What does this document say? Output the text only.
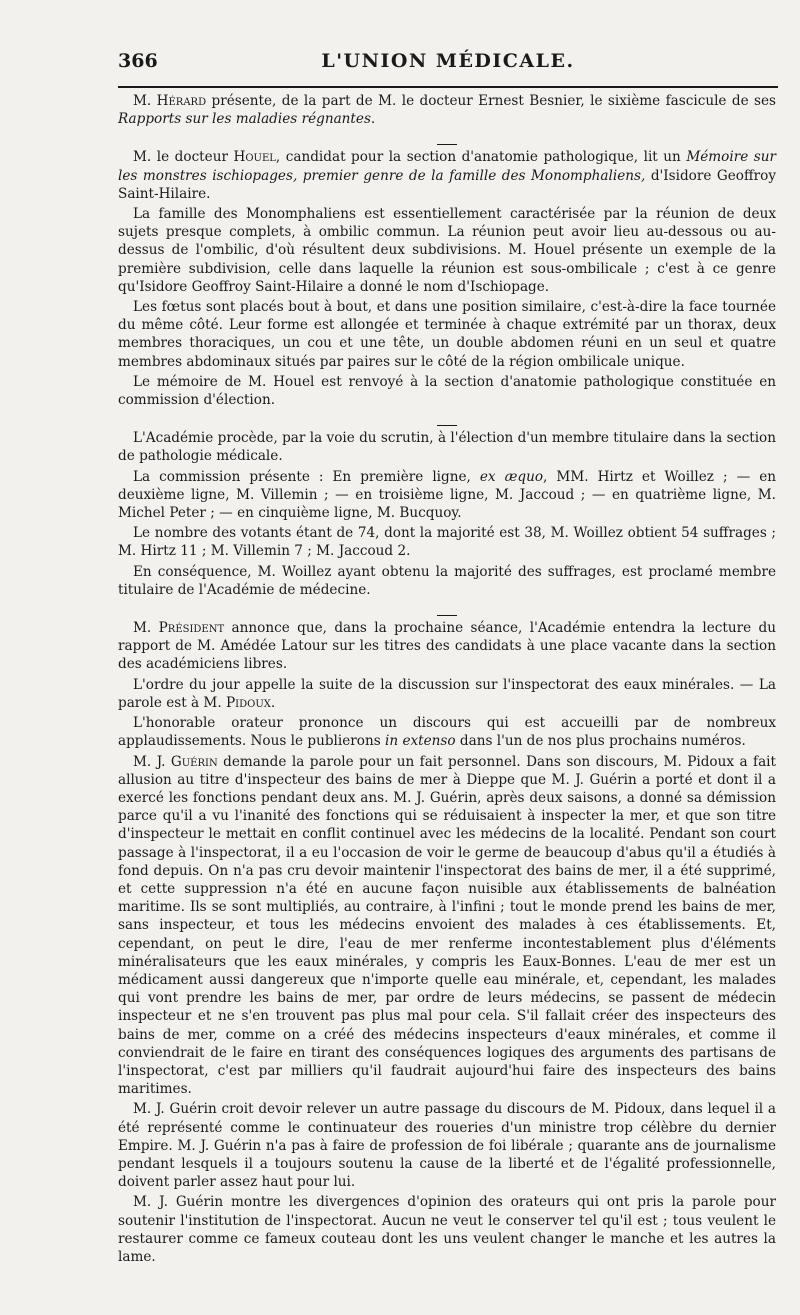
366	L'UNION MÉDICALE.

M. Hérard présente, de la part de M. le docteur Ernest Besnier, le sixième fascicule de ses Rapports sur les maladies régnantes.

M. le docteur Houel, candidat pour la section d'anatomie pathologique, lit un Mémoire sur les monstres ischiopages, premier genre de la famille des Monomphaliens, d'Isidore Geoffroy Saint-Hilaire.

La famille des Monomphaliens est essentiellement caractérisée par la réunion de deux sujets presque complets, à ombilic commun. La réunion peut avoir lieu au-dessous ou au-dessus de l'ombilic, d'où résultent deux subdivisions. M. Houel présente un exemple de la première subdivision, celle dans laquelle la réunion est sous-ombilicale ; c'est à ce genre qu'Isidore Geoffroy Saint-Hilaire a donné le nom d'Ischiopage.

Les fœtus sont placés bout à bout, et dans une position similaire, c'est-à-dire la face tournée du même côté. Leur forme est allongée et terminée à chaque extrémité par un thorax, deux membres thoraciques, un cou et une tête, un double abdomen réuni en un seul et quatre membres abdominaux situés par paires sur le côté de la région ombilicale unique.

Le mémoire de M. Houel est renvoyé à la section d'anatomie pathologique constituée en commission d'élection.

L'Académie procède, par la voie du scrutin, à l'élection d'un membre titulaire dans la section de pathologie médicale.

La commission présente : En première ligne, ex æquo, MM. Hirtz et Woillez ; — en deuxième ligne, M. Villemin ; — en troisième ligne, M. Jaccoud ; — en quatrième ligne, M. Michel Peter ; — en cinquième ligne, M. Bucquoy.

Le nombre des votants étant de 74, dont la majorité est 38, M. Woillez obtient 54 suffrages ; M. Hirtz 11 ; M. Villemin 7 ; M. Jaccoud 2.

En conséquence, M. Woillez ayant obtenu la majorité des suffrages, est proclamé membre titulaire de l'Académie de médecine.

M. Président annonce que, dans la prochaine séance, l'Académie entendra la lecture du rapport de M. Amédée Latour sur les titres des candidats à une place vacante dans la section des académiciens libres.

L'ordre du jour appelle la suite de la discussion sur l'inspectorat des eaux minérales. — La parole est à M. Pidoux.

L'honorable orateur prononce un discours qui est accueilli par de nombreux applaudissements. Nous le publierons in extenso dans l'un de nos plus prochains numéros.

M. J. Guérin demande la parole pour un fait personnel. Dans son discours, M. Pidoux a fait allusion au titre d'inspecteur des bains de mer à Dieppe que M. J. Guérin a porté et dont il a exercé les fonctions pendant deux ans. M. J. Guérin, après deux saisons, a donné sa démission parce qu'il a vu l'inanité des fonctions qui se réduisaient à inspecter la mer, et que son titre d'inspecteur le mettait en conflit continuel avec les médecins de la localité. Pendant son court passage à l'inspectorat, il a eu l'occasion de voir le germe de beaucoup d'abus qu'il a étudiés à fond depuis. On n'a pas cru devoir maintenir l'inspectorat des bains de mer, il a été supprimé, et cette suppression n'a été en aucune façon nuisible aux établissements de balnéation maritime. Ils se sont multipliés, au contraire, à l'infini ; tout le monde prend les bains de mer, sans inspecteur, et tous les médecins envoient des malades à ces établissements. Et, cependant, on peut le dire, l'eau de mer renferme incontestablement plus d'éléments minéralisateurs que les eaux minérales, y compris les Eaux-Bonnes. L'eau de mer est un médicament aussi dangereux que n'importe quelle eau minérale, et, cependant, les malades qui vont prendre les bains de mer, par ordre de leurs médecins, se passent de médecin inspecteur et ne s'en trouvent pas plus mal pour cela. S'il fallait créer des inspecteurs des bains de mer, comme on a créé des médecins inspecteurs d'eaux minérales, et comme il conviendrait de le faire en tirant des conséquences logiques des arguments des partisans de l'inspectorat, c'est par milliers qu'il faudrait aujourd'hui faire des inspecteurs des bains maritimes.

M. J. Guérin croit devoir relever un autre passage du discours de M. Pidoux, dans lequel il a été représenté comme le continuateur des roueries d'un ministre trop célèbre du dernier Empire. M. J. Guérin n'a pas à faire de profession de foi libérale ; quarante ans de journalisme pendant lesquels il a toujours soutenu la cause de la liberté et de l'égalité professionnelle, doivent parler assez haut pour lui.

M. J. Guérin montre les divergences d'opinion des orateurs qui ont pris la parole pour soutenir l'institution de l'inspectorat. Aucun ne veut le conserver tel qu'il est ; tous veulent le restaurer comme ce fameux couteau dont les uns veulent changer le manche et les autres la lame.
